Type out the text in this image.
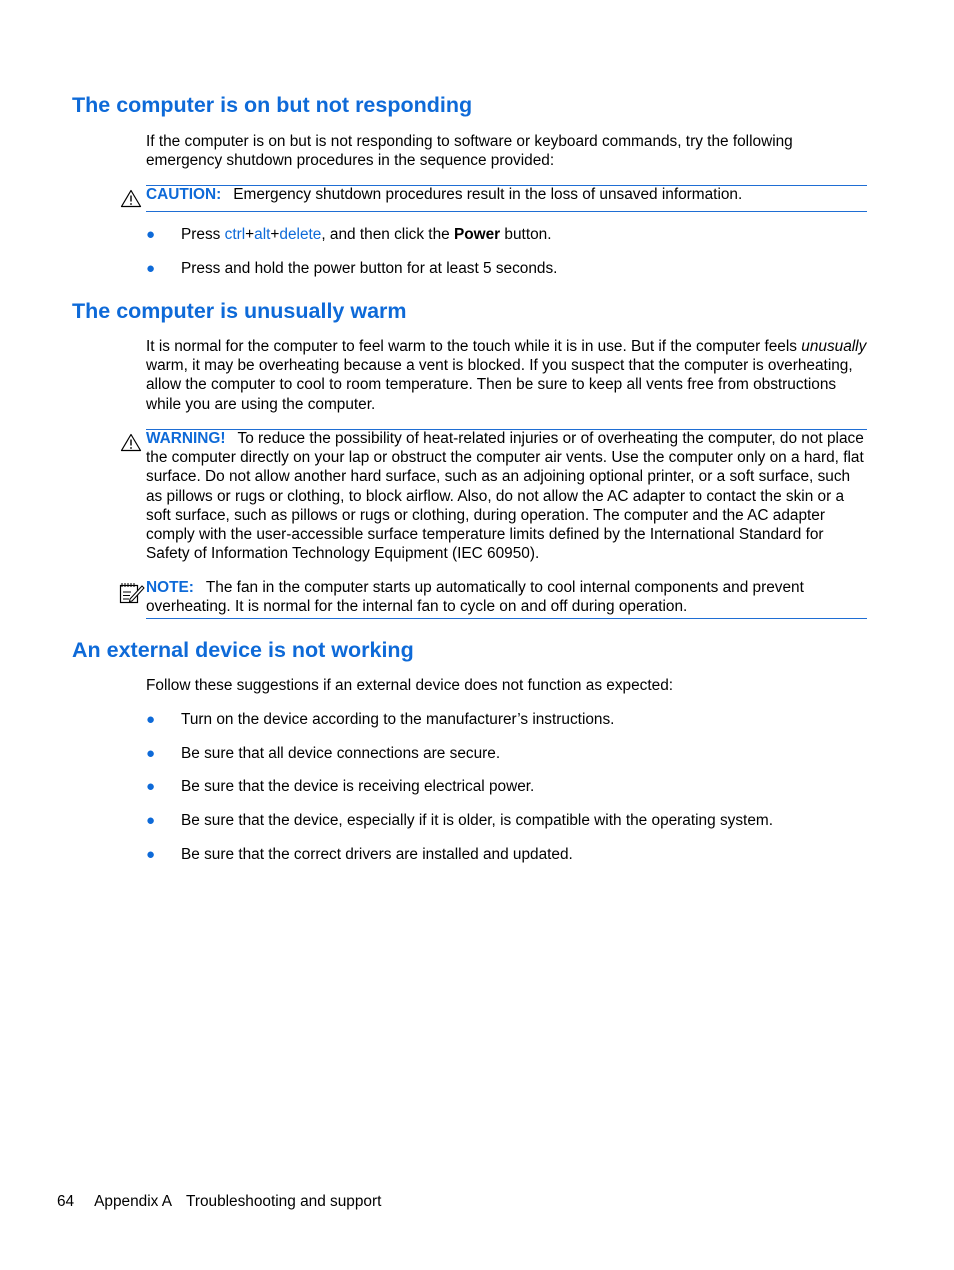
The computer is on but not responding

If the computer is on but is not responding to software or keyboard commands, try the following emergency shutdown procedures in the sequence provided:

CAUTION: Emergency shutdown procedures result in the loss of unsaved information.
● Press ctrl+alt+delete, and then click the Power button.
● Press and hold the power button for at least 5 seconds.
The computer is unusually warm

It is normal for the computer to feel warm to the touch while it is in use. But if the computer feels unusually warm, it may be overheating because a vent is blocked. If you suspect that the computer is overheating, allow the computer to cool to room temperature. Then be sure to keep all vents free from obstructions while you are using the computer.

WARNING! To reduce the possibility of heat-related injuries or of overheating the computer, do not place the computer directly on your lap or obstruct the computer air vents. Use the computer only on a hard, flat surface. Do not allow another hard surface, such as an adjoining optional printer, or a soft surface, such as pillows or rugs or clothing, to block airflow. Also, do not allow the AC adapter to contact the skin or a soft surface, such as pillows or rugs or clothing, during operation. The computer and the AC adapter comply with the user-accessible surface temperature limits defined by the International Standard for Safety of Information Technology Equipment (IEC 60950).
NOTE: The fan in the computer starts up automatically to cool internal components and prevent overheating. It is normal for the internal fan to cycle on and off during operation.
An external device is not working

Follow these suggestions if an external device does not function as expected:

● Turn on the device according to the manufacturer’s instructions.
● Be sure that all device connections are secure.
● Be sure that the device is receiving electrical power.
● Be sure that the device, especially if it is older, is compatible with the operating system.
● Be sure that the correct drivers are installed and updated.
64 Appendix A Troubleshooting and support
